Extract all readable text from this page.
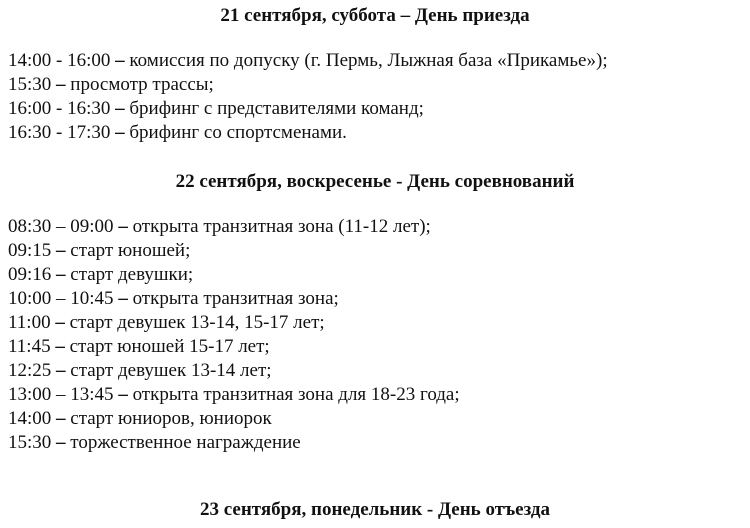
21 сентября, суббота – День приезда
14:00 - 16:00 – комиссия по допуску (г. Пермь, Лыжная база «Прикамье»);
15:30 – просмотр трассы;
16:00 - 16:30 – брифинг с представителями команд;
16:30 - 17:30 – брифинг со спортсменами.
22 сентября, воскресенье - День соревнований
08:30 – 09:00 – открыта транзитная зона (11-12 лет);
09:15 – старт юношей;
09:16 – старт девушки;
10:00 – 10:45 – открыта транзитная зона;
11:00 – старт девушек 13-14, 15-17 лет;
11:45 – старт юношей 15-17 лет;
12:25 – старт девушек 13-14 лет;
13:00 – 13:45 – открыта транзитная зона для 18-23 года;
14:00 – старт юниоров, юниорок
15:30 – торжественное награждение
23 сентября, понедельник - День отъезда
